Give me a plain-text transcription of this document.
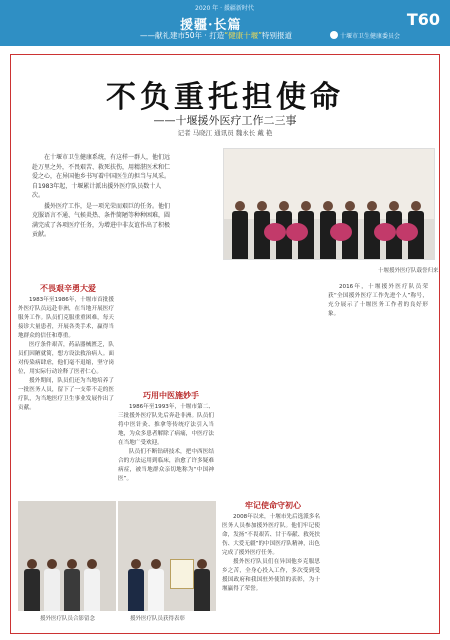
2020 年 · 援疆新时代
援疆·长篇
——献礼建市50年 · 打造“健康十堰”特别报道	十堰市卫生健康委员会
T60
不负重托担使命
——十堰援外医疗工作二三事
记者 马晓江 通讯员 魏永长 戴 艳

在十堰市卫生健康系统，有这样一群人，他们远赴万里之外，不畏艰苦、救死扶伤，用精湛医术和仁爱之心，在异国他乡书写着中国医生的担当与风采。自1983年起，十堰累计派出援外医疗队员数十人次。

援外医疗工作，是一项光荣而艰巨的任务。他们克服语言不通、气候炎热、条件简陋等种种困难，圆满完成了各项医疗任务，为增进中非友谊作出了积极贡献。

十堰援外医疗队载誉归来
不畏艰辛勇大爱

1983年至1986年，十堰市首批援外医疗队员远赴非洲，在当地开展医疗服务工作。队员们克服重重困难，每天接诊大量患者，开展各类手术，赢得当地群众的信任和尊重。

医疗条件艰苦，药品器械匮乏，队员们因陋就简，想方设法救治病人。面对传染病肆虐，他们毫不退缩，坚守岗位，用实际行动诠释了医者仁心。

援外期间，队员们还为当地培养了一批医务人员，留下了一支带不走的医疗队，为当地医疗卫生事业发展作出了贡献。

巧用中医施妙手

1986年至1993年，十堰市第二、三批援外医疗队先后奔赴非洲。队员们将中医针灸、推拿等传统疗法引入当地，为众多患者解除了病痛，中医疗法在当地广受欢迎。

队员们不断钻研技术，把中西医结合的方法运用到临床，治愈了许多疑难病症，被当地群众亲切地称为“中国神医”。

牢记使命守初心

2008年以来，十堰市先后选派多名医务人员参加援外医疗队。他们牢记使命，发扬“不畏艰苦、甘于奉献、救死扶伤、大爱无疆”的中国医疗队精神，出色完成了援外医疗任务。

援外医疗队员们在异国他乡克服思乡之苦，全身心投入工作，多次受到受援国政府和我国驻外使馆的表彰，为十堰赢得了荣誉。

2016年，十堰援外医疗队员荣获“全国援外医疗工作先进个人”称号，充分展示了十堰医务工作者的良好形象。

援外医疗队员合影留念	援外医疗队员获得表彰
